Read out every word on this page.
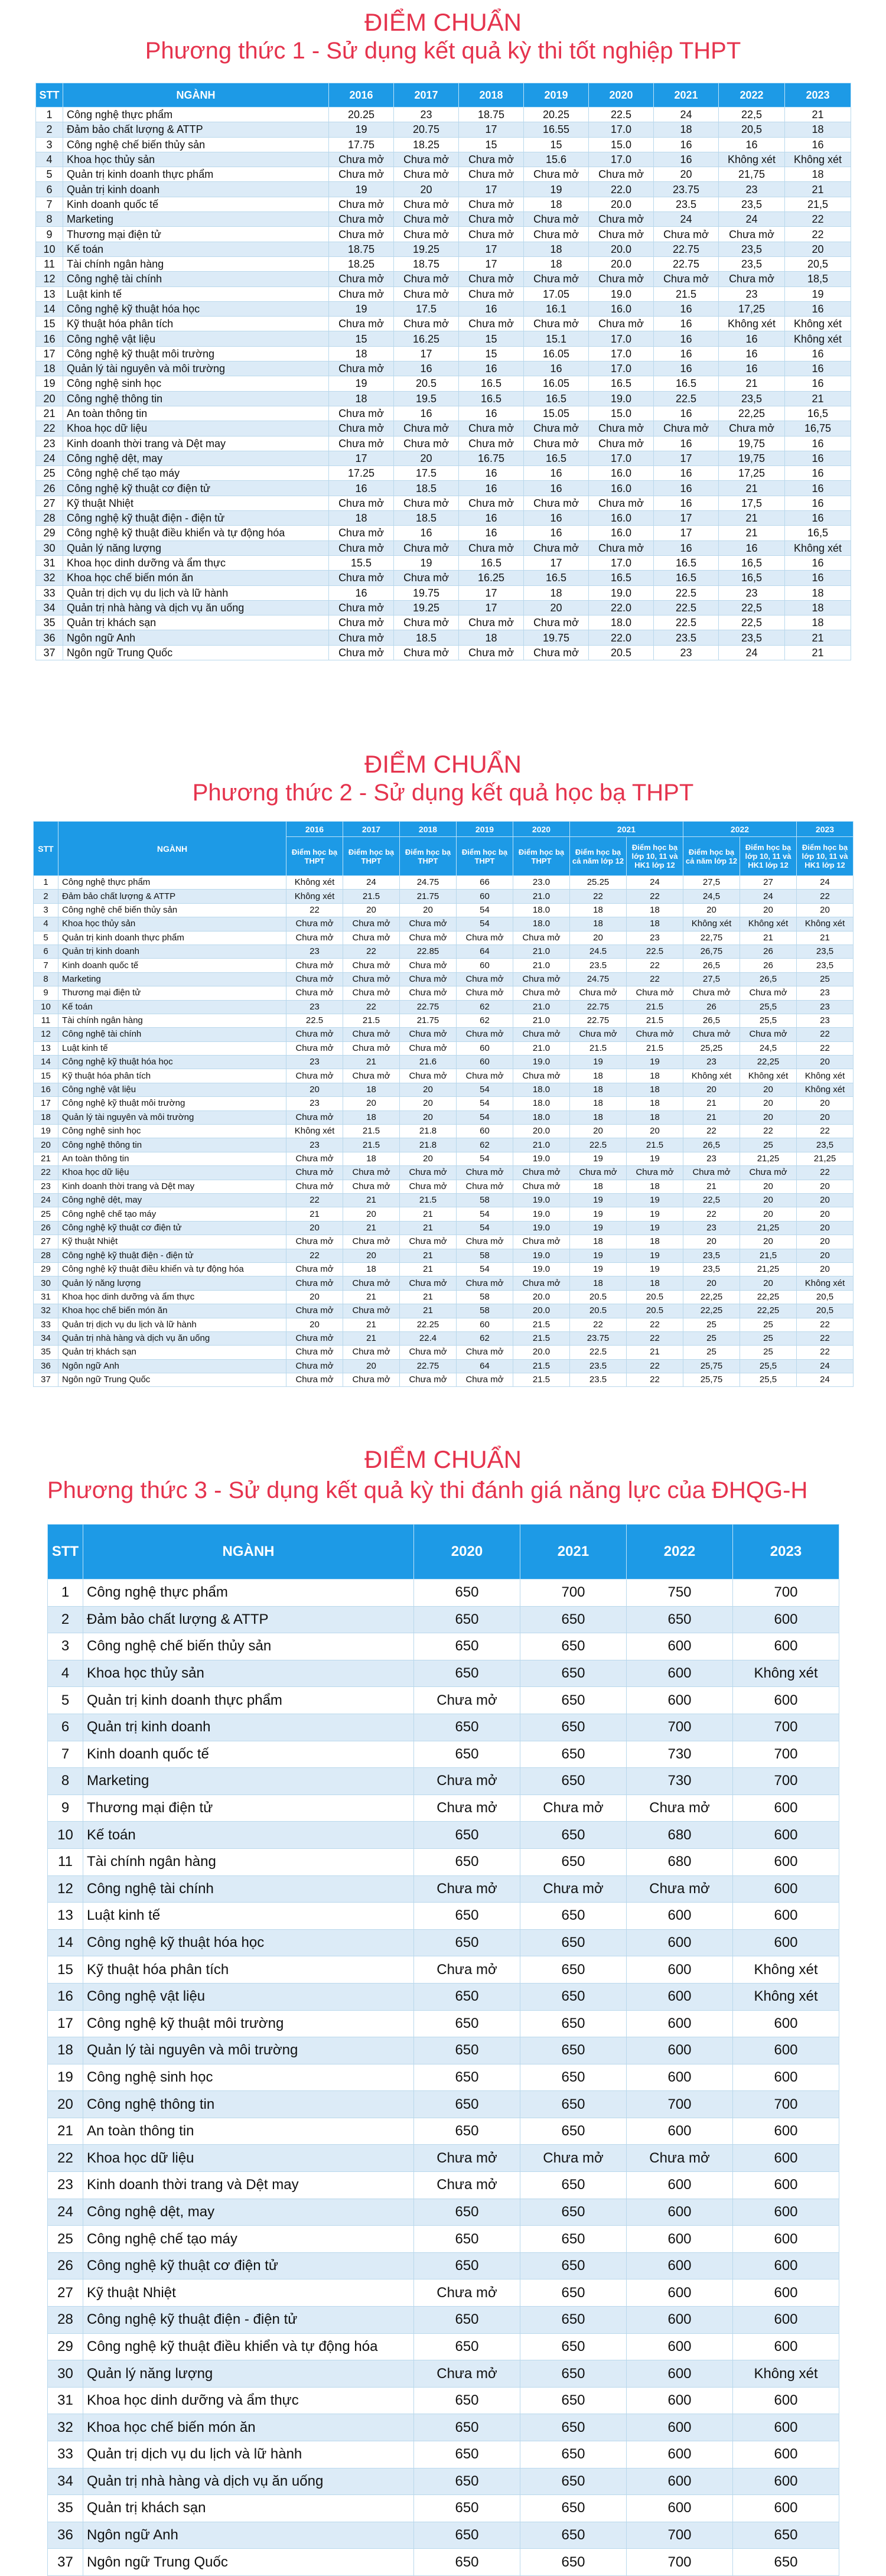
ĐIỂM CHUẨN
Phương thức 1 - Sử dụng kết quả kỳ thi tốt nghiệp THPT
STT	NGÀNH	2016	2017	2018	2019	2020	2021	2022	2023
1	Công nghệ thực phẩm	20.25	23	18.75	20.25	22.5	24	22,5	21
2	Đảm bảo chất lượng & ATTP	19	20.75	17	16.55	17.0	18	20,5	18
3	Công nghệ chế biến thủy sản	17.75	18.25	15	15	15.0	16	16	16
4	Khoa học thủy sản	Chưa mở	Chưa mở	Chưa mở	15.6	17.0	16	Không xét	Không xét
5	Quản trị kinh doanh thực phẩm	Chưa mở	Chưa mở	Chưa mở	Chưa mở	Chưa mở	20	21,75	18
6	Quản trị kinh doanh	19	20	17	19	22.0	23.75	23	21
7	Kinh doanh quốc tế	Chưa mở	Chưa mở	Chưa mở	18	20.0	23.5	23,5	21,5
8	Marketing	Chưa mở	Chưa mở	Chưa mở	Chưa mở	Chưa mở	24	24	22
9	Thương mại điện tử	Chưa mở	Chưa mở	Chưa mở	Chưa mở	Chưa mở	Chưa mở	Chưa mở	22
10	Kế toán	18.75	19.25	17	18	20.0	22.75	23,5	20
11	Tài chính ngân hàng	18.25	18.75	17	18	20.0	22.75	23,5	20,5
12	Công nghệ tài chính	Chưa mở	Chưa mở	Chưa mở	Chưa mở	Chưa mở	Chưa mở	Chưa mở	18,5
13	Luật kinh tế	Chưa mở	Chưa mở	Chưa mở	17.05	19.0	21.5	23	19
14	Công nghệ kỹ thuật hóa học	19	17.5	16	16.1	16.0	16	17,25	16
15	Kỹ thuật hóa phân tích	Chưa mở	Chưa mở	Chưa mở	Chưa mở	Chưa mở	16	Không xét	Không xét
16	Công nghệ vật liệu	15	16.25	15	15.1	17.0	16	16	Không xét
17	Công nghệ kỹ thuật môi trường	18	17	15	16.05	17.0	16	16	16
18	Quản lý tài nguyên và môi trường	Chưa mở	16	16	16	17.0	16	16	16
19	Công nghệ sinh học	19	20.5	16.5	16.05	16.5	16.5	21	16
20	Công nghệ thông tin	18	19.5	16.5	16.5	19.0	22.5	23,5	21
21	An toàn thông tin	Chưa mở	16	16	15.05	15.0	16	22,25	16,5
22	Khoa học dữ liệu	Chưa mở	Chưa mở	Chưa mở	Chưa mở	Chưa mở	Chưa mở	Chưa mở	16,75
23	Kinh doanh thời trang và Dệt may	Chưa mở	Chưa mở	Chưa mở	Chưa mở	Chưa mở	16	19,75	16
24	Công nghệ dệt, may	17	20	16.75	16.5	17.0	17	19,75	16
25	Công nghệ chế tạo máy	17.25	17.5	16	16	16.0	16	17,25	16
26	Công nghệ kỹ thuật cơ điện tử	16	18.5	16	16	16.0	16	21	16
27	Kỹ thuật Nhiệt	Chưa mở	Chưa mở	Chưa mở	Chưa mở	Chưa mở	16	17,5	16
28	Công nghệ kỹ thuật điện - điện tử	18	18.5	16	16	16.0	17	21	16
29	Công nghệ kỹ thuật điều khiển và tự động hóa	Chưa mở	16	16	16	16.0	17	21	16,5
30	Quản lý năng lượng	Chưa mở	Chưa mở	Chưa mở	Chưa mở	Chưa mở	16	16	Không xét
31	Khoa học dinh dưỡng và ẩm thực	15.5	19	16.5	17	17.0	16.5	16,5	16
32	Khoa học chế biến món ăn	Chưa mở	Chưa mở	16.25	16.5	16.5	16.5	16,5	16
33	Quản trị dịch vụ du lịch và lữ hành	16	19.75	17	18	19.0	22.5	23	18
34	Quản trị nhà hàng và dịch vụ ăn uống	Chưa mở	19.25	17	20	22.0	22.5	22,5	18
35	Quản trị khách sạn	Chưa mở	Chưa mở	Chưa mở	Chưa mở	18.0	22.5	22,5	18
36	Ngôn ngữ Anh	Chưa mở	18.5	18	19.75	22.0	23.5	23,5	21
37	Ngôn ngữ Trung Quốc	Chưa mở	Chưa mở	Chưa mở	Chưa mở	20.5	23	24	21
ĐIỂM CHUẨN
Phương thức 2 - Sử dụng kết quả học bạ THPT
STT	NGÀNH	2016	2017	2018	2019	2020	2021		2022		2023
		Điểm học bạ THPT	Điểm học bạ THPT	Điểm học bạ THPT	Điểm học bạ THPT	Điểm học bạ THPT	Điểm học bạ cả năm lớp 12	Điểm học bạ lớp 10, 11 và HK1 lớp 12	Điểm học bạ cả năm lớp 12	Điểm học bạ lớp 10, 11 và HK1 lớp 12	Điểm học bạ lớp 10, 11 và HK1 lớp 12
1	Công nghệ thực phẩm	Không xét	24	24.75	66	23.0	25.25	24	27,5	27	24
2	Đảm bảo chất lượng & ATTP	Không xét	21.5	21.75	60	21.0	22	22	24,5	24	22
3	Công nghệ chế biến thủy sản	22	20	20	54	18.0	18	18	20	20	20
4	Khoa học thủy sản	Chưa mở	Chưa mở	Chưa mở	54	18.0	18	18	Không xét	Không xét	Không xét
5	Quản trị kinh doanh thực phẩm	Chưa mở	Chưa mở	Chưa mở	Chưa mở	Chưa mở	20	23	22,75	21	21
6	Quản trị kinh doanh	23	22	22.85	64	21.0	24.5	22.5	26,75	26	23,5
7	Kinh doanh quốc tế	Chưa mở	Chưa mở	Chưa mở	60	21.0	23.5	22	26,5	26	23,5
8	Marketing	Chưa mở	Chưa mở	Chưa mở	Chưa mở	Chưa mở	24.75	22	27,5	26,5	25
9	Thương mại điện tử	Chưa mở	Chưa mở	Chưa mở	Chưa mở	Chưa mở	Chưa mở	Chưa mở	Chưa mở	Chưa mở	23
10	Kế toán	23	22	22.75	62	21.0	22.75	21.5	26	25,5	23
11	Tài chính ngân hàng	22.5	21.5	21.75	62	21.0	22.75	21.5	26,5	25,5	23
12	Công nghệ tài chính	Chưa mở	Chưa mở	Chưa mở	Chưa mở	Chưa mở	Chưa mở	Chưa mở	Chưa mở	Chưa mở	22
13	Luật kinh tế	Chưa mở	Chưa mở	Chưa mở	60	21.0	21.5	21.5	25,25	24,5	22
14	Công nghệ kỹ thuật hóa học	23	21	21.6	60	19.0	19	19	23	22,25	20
15	Kỹ thuật hóa phân tích	Chưa mở	Chưa mở	Chưa mở	Chưa mở	Chưa mở	18	18	Không xét	Không xét	Không xét
16	Công nghệ vật liệu	20	18	20	54	18.0	18	18	20	20	Không xét
17	Công nghệ kỹ thuật môi trường	23	20	20	54	18.0	18	18	21	20	20
18	Quản lý tài nguyên và môi trường	Chưa mở	18	20	54	18.0	18	18	21	20	20
19	Công nghệ sinh học	Không xét	21.5	21.8	60	20.0	20	20	22	22	22
20	Công nghệ thông tin	23	21.5	21.8	62	21.0	22.5	21.5	26,5	25	23,5
21	An toàn thông tin	Chưa mở	18	20	54	19.0	19	19	23	21,25	21,25
22	Khoa học dữ liệu	Chưa mở	Chưa mở	Chưa mở	Chưa mở	Chưa mở	Chưa mở	Chưa mở	Chưa mở	Chưa mở	22
23	Kinh doanh thời trang và Dệt may	Chưa mở	Chưa mở	Chưa mở	Chưa mở	Chưa mở	18	18	21	20	20
24	Công nghệ dệt, may	22	21	21.5	58	19.0	19	19	22,5	20	20
25	Công nghệ chế tạo máy	21	20	21	54	19.0	19	19	22	20	20
26	Công nghệ kỹ thuật cơ điện tử	20	21	21	54	19.0	19	19	23	21,25	20
27	Kỹ thuật Nhiệt	Chưa mở	Chưa mở	Chưa mở	Chưa mở	Chưa mở	18	18	20	20	20
28	Công nghệ kỹ thuật điện - điện tử	22	20	21	58	19.0	19	19	23,5	21,5	20
29	Công nghệ kỹ thuật điều khiển và tự động hóa	Chưa mở	18	21	54	19.0	19	19	23,5	21,25	20
30	Quản lý năng lượng	Chưa mở	Chưa mở	Chưa mở	Chưa mở	Chưa mở	18	18	20	20	Không xét
31	Khoa học dinh dưỡng và ẩm thực	20	21	21	58	20.0	20.5	20.5	22,25	22,25	20,5
32	Khoa học chế biến món ăn	Chưa mở	Chưa mở	21	58	20.0	20.5	20.5	22,25	22,25	20,5
33	Quản trị dịch vụ du lịch và lữ hành	20	21	22.25	60	21.5	22	22	25	25	22
34	Quản trị nhà hàng và dịch vụ ăn uống	Chưa mở	21	22.4	62	21.5	23.75	22	25	25	22
35	Quản trị khách sạn	Chưa mở	Chưa mở	Chưa mở	Chưa mở	20.0	22.5	21	25	25	22
36	Ngôn ngữ Anh	Chưa mở	20	22.75	64	21.5	23.5	22	25,75	25,5	24
37	Ngôn ngữ Trung Quốc	Chưa mở	Chưa mở	Chưa mở	Chưa mở	21.5	23.5	22	25,75	25,5	24
ĐIỂM CHUẨN
Phương thức 3 - Sử dụng kết quả kỳ thi đánh giá năng lực của ĐHQG-H
STT	NGÀNH	2020	2021	2022	2023
1	Công nghệ thực phẩm	650	700	750	700
2	Đảm bảo chất lượng & ATTP	650	650	650	600
3	Công nghệ chế biến thủy sản	650	650	600	600
4	Khoa học thủy sản	650	650	600	Không xét
5	Quản trị kinh doanh thực phẩm	Chưa mở	650	600	600
6	Quản trị kinh doanh	650	650	700	700
7	Kinh doanh quốc tế	650	650	730	700
8	Marketing	Chưa mở	650	730	700
9	Thương mại điện tử	Chưa mở	Chưa mở	Chưa mở	600
10	Kế toán	650	650	680	600
11	Tài chính ngân hàng	650	650	680	600
12	Công nghệ tài chính	Chưa mở	Chưa mở	Chưa mở	600
13	Luật kinh tế	650	650	600	600
14	Công nghệ kỹ thuật hóa học	650	650	600	600
15	Kỹ thuật hóa phân tích	Chưa mở	650	600	Không xét
16	Công nghệ vật liệu	650	650	600	Không xét
17	Công nghệ kỹ thuật môi trường	650	650	600	600
18	Quản lý tài nguyên và môi trường	650	650	600	600
19	Công nghệ sinh học	650	650	600	600
20	Công nghệ thông tin	650	650	700	700
21	An toàn thông tin	650	650	600	600
22	Khoa học dữ liệu	Chưa mở	Chưa mở	Chưa mở	600
23	Kinh doanh thời trang và Dệt may	Chưa mở	650	600	600
24	Công nghệ dệt, may	650	650	600	600
25	Công nghệ chế tạo máy	650	650	600	600
26	Công nghệ kỹ thuật cơ điện tử	650	650	600	600
27	Kỹ thuật Nhiệt	Chưa mở	650	600	600
28	Công nghệ kỹ thuật điện - điện tử	650	650	600	600
29	Công nghệ kỹ thuật điều khiển và tự động hóa	650	650	600	600
30	Quản lý năng lượng	Chưa mở	650	600	Không xét
31	Khoa học dinh dưỡng và ẩm thực	650	650	600	600
32	Khoa học chế biến món ăn	650	650	600	600
33	Quản trị dịch vụ du lịch và lữ hành	650	650	600	600
34	Quản trị nhà hàng và dịch vụ ăn uống	650	650	600	600
35	Quản trị khách sạn	650	650	600	600
36	Ngôn ngữ Anh	650	650	700	650
37	Ngôn ngữ Trung Quốc	650	650	700	650
